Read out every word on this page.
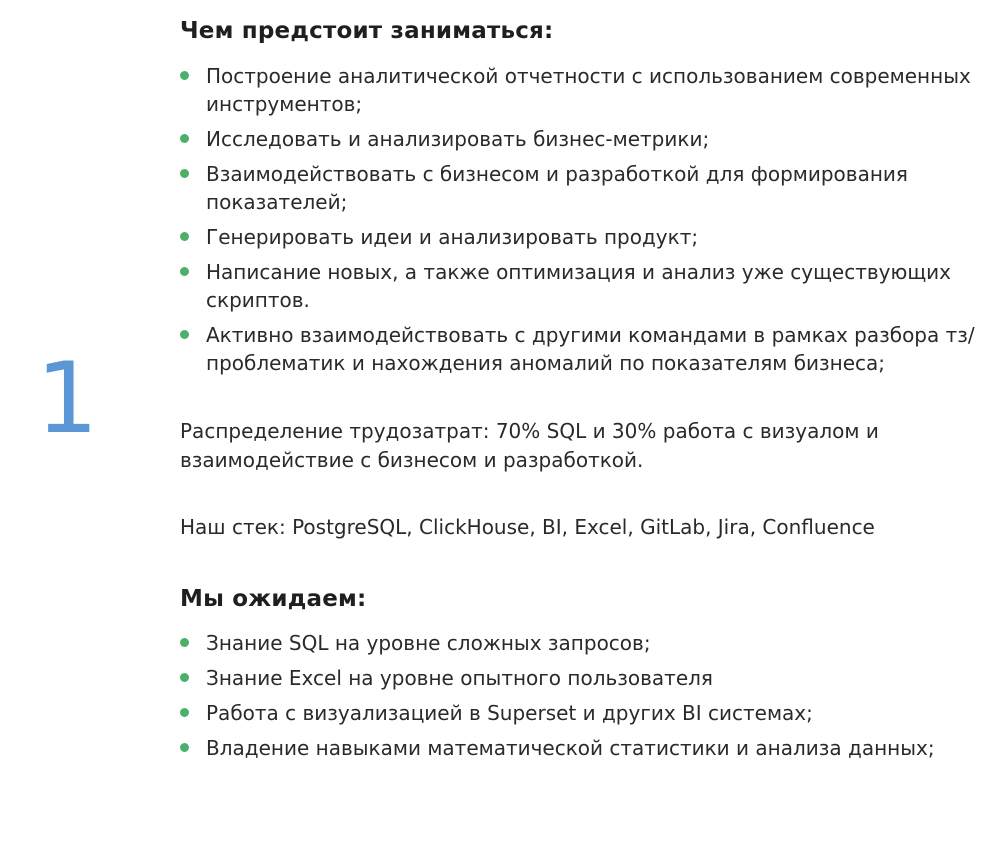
1
Чем предстоит заниматься:
Построение аналитической отчетности с использованием современных инструментов;
Исследовать и анализировать бизнес-метрики;
Взаимодействовать с бизнесом и разработкой для формирования показателей;
Генерировать идеи и анализировать продукт;
Написание новых, а также оптимизация и анализ уже существующих скриптов.
Активно взаимодействовать с другими командами в рамках разбора тз/проблематик и нахождения аномалий по показателям бизнеса;

Распределение трудозатрат: 70% SQL и 30% работа с визуалом и взаимодействие с бизнесом и разработкой.

Наш стек: PostgreSQL, ClickHouse, BI, Excel, GitLab, Jira, Confluence

Мы ожидаем:
Знание SQL на уровне сложных запросов;
Знание Excel на уровне опытного пользователя
Работа с визуализацией в Superset и других BI системах;
Владение навыками математической статистики и анализа данных;
